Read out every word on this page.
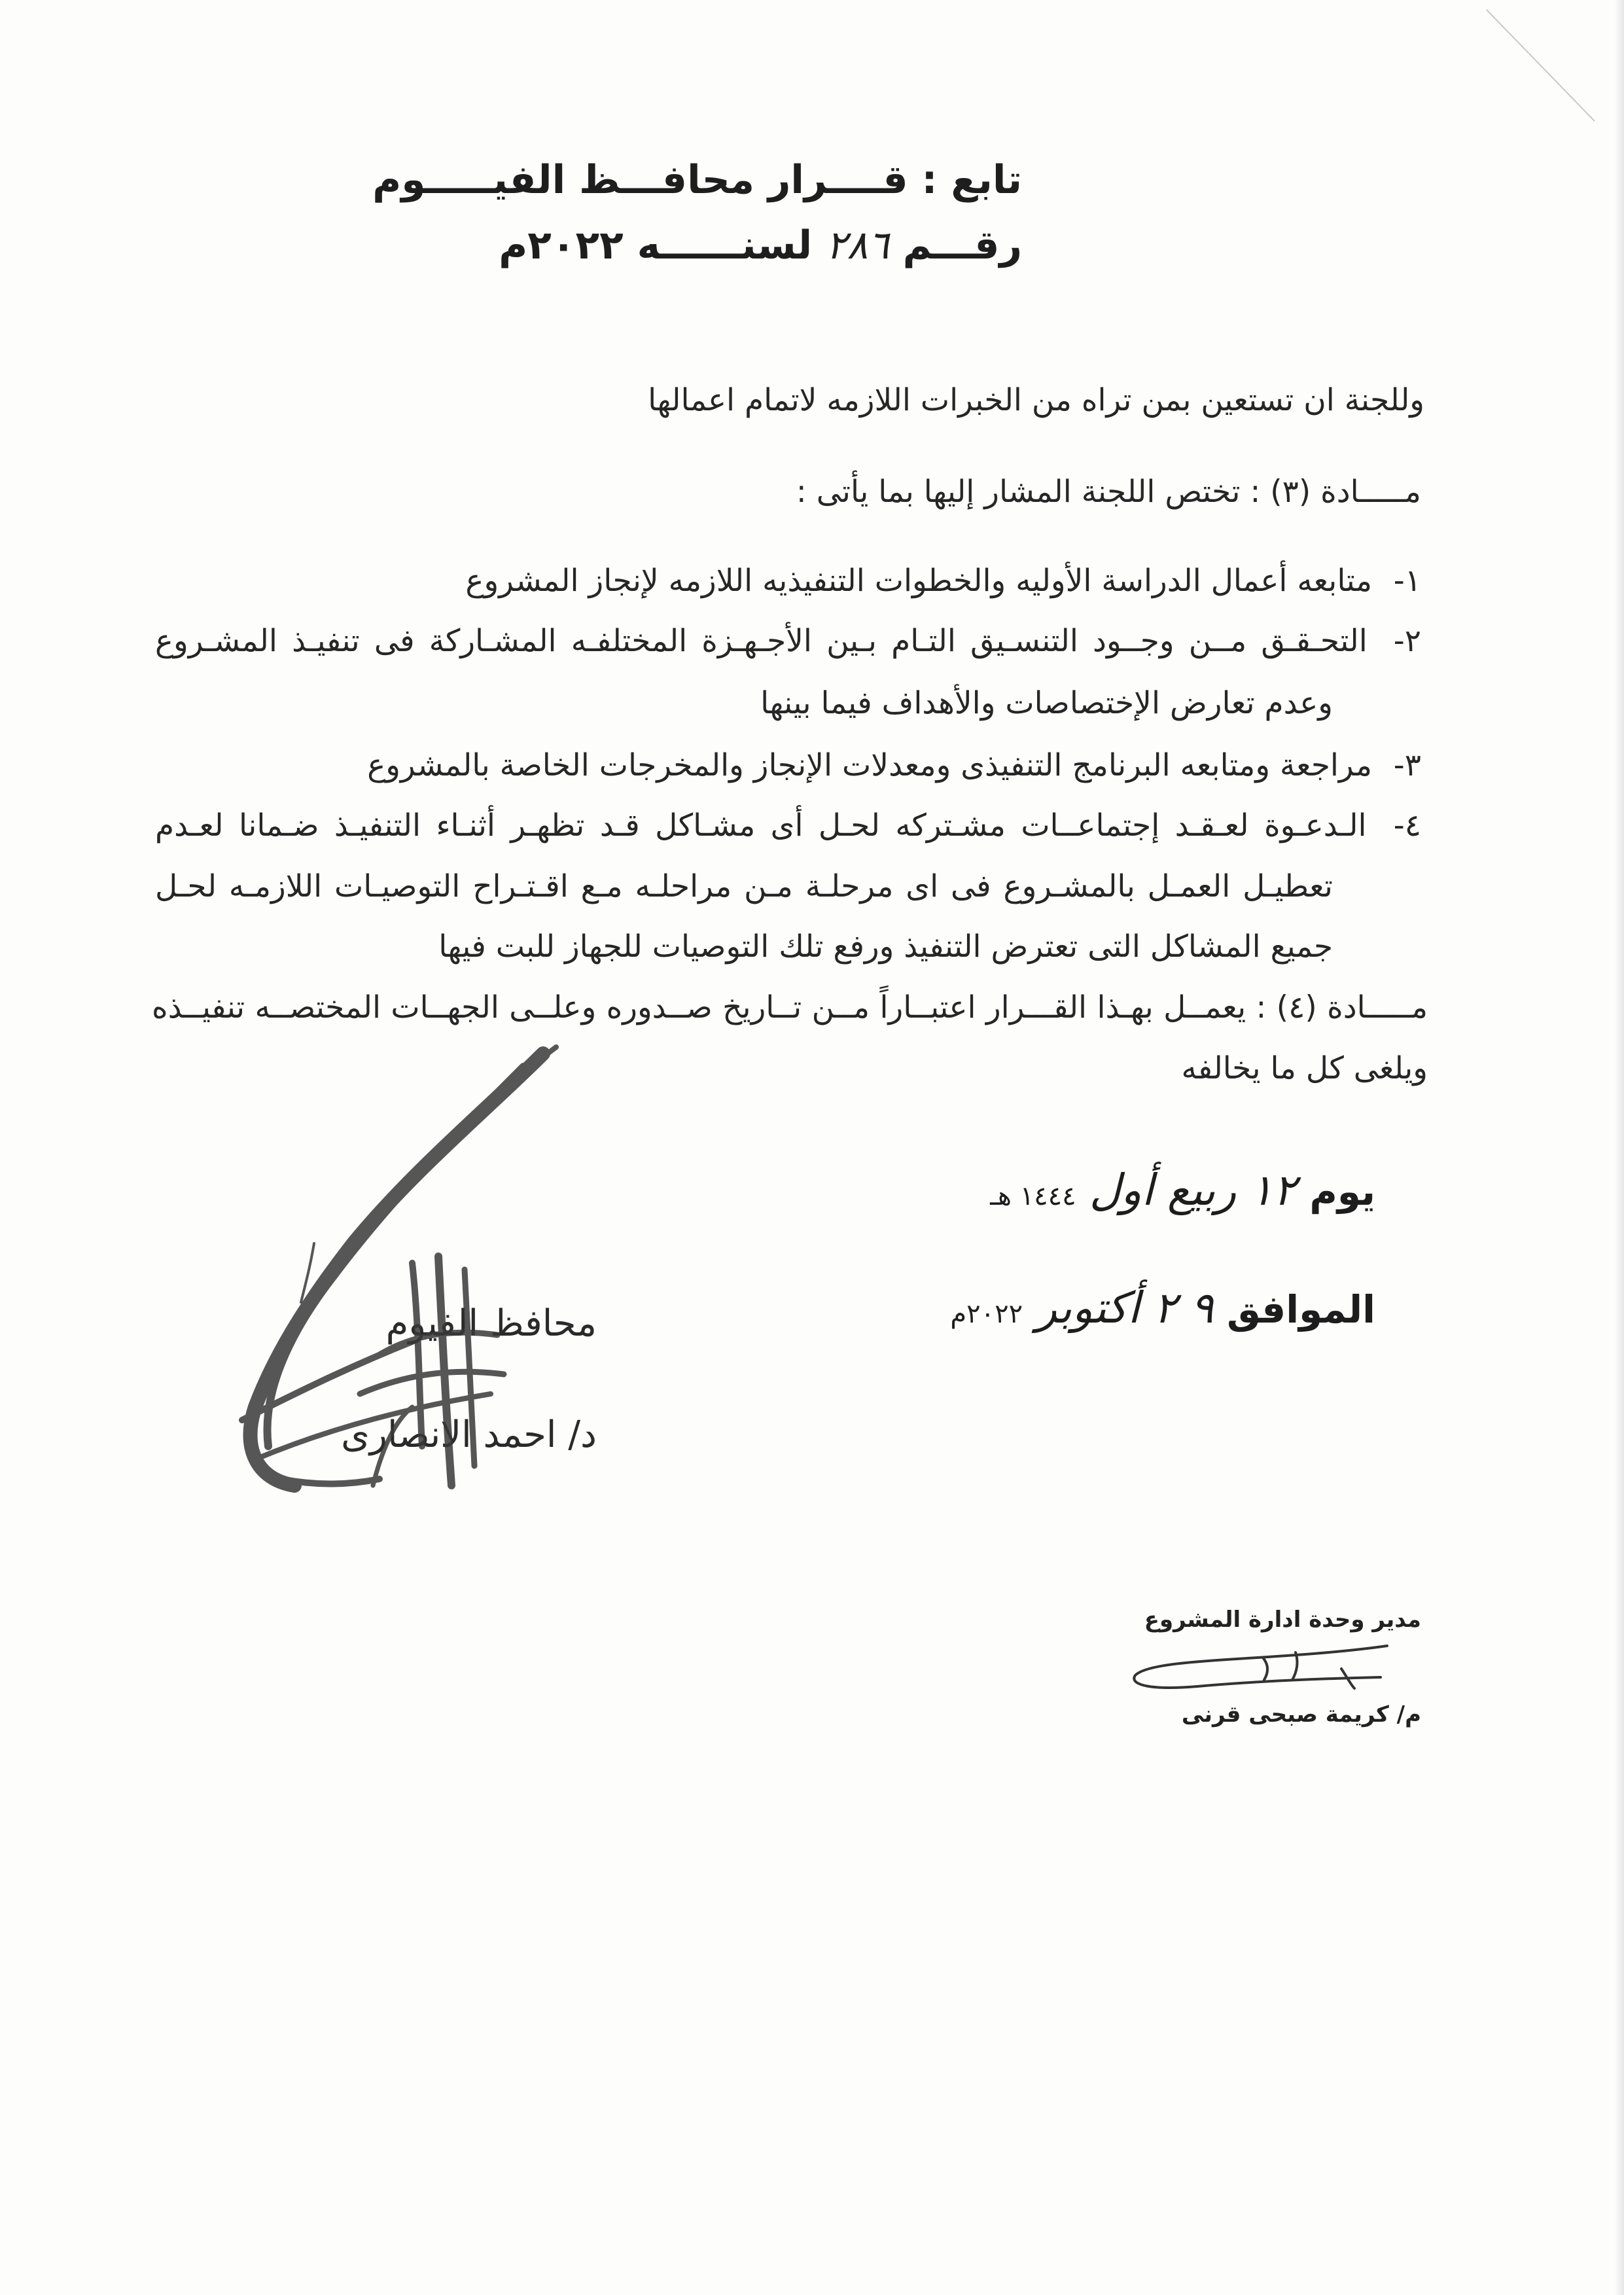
تابع : قــــرار محافـــظ الفيـــــوم
رقـــم ٢٨٦ لسنــــــه ٢٠٢٢م
وللجنة ان تستعين بمن تراه من الخبرات اللازمه لاتمام اعمالها
مـــــادة (٣) : تختص اللجنة المشار إليها بما يأتى :
١- متابعه أعمال الدراسة الأوليه والخطوات التنفيذيه اللازمه لإنجاز المشروع
٢- التحـقـق مــن وجــود التنسـيق التـام بـين الأجـهـزة المختلفـه المشـاركة فى تنفيـذ المشـروع
وعدم تعارض الإختصاصات والأهداف فيما بينها
٣- مراجعة ومتابعه البرنامج التنفيذى ومعدلات الإنجاز والمخرجات الخاصة بالمشروع
٤- الـدعـوة لعـقـد إجتماعــات مشـتركه لحـل أى مشـاكل قـد تظهـر أثنـاء التنفيـذ ضـمانا لعـدم
تعطيـل العمـل بالمشـروع فى اى مرحلـة مـن مراحلـه مـع اقـتـراح التوصيـات اللازمـه لحـل
جميع المشاكل التى تعترض التنفيذ ورفع تلك التوصيات للجهاز للبت فيها
مـــــادة (٤) : يعمــل بهـذا القـــرار اعتبــاراً مــن تــاريخ صــدوره وعلــى الجهــات المختصــه تنفيــذه
ويلغى كل ما يخالفه
يوم ١٢ ربيع أول ١٤٤٤ هـ
الموافق ٩ ٢ أكتوبر ٢٠٢٢م
محافظ الفيوم
د/ احمد الانصارى
مدير وحدة ادارة المشروع
م/ كريمة صبحى قرنى
